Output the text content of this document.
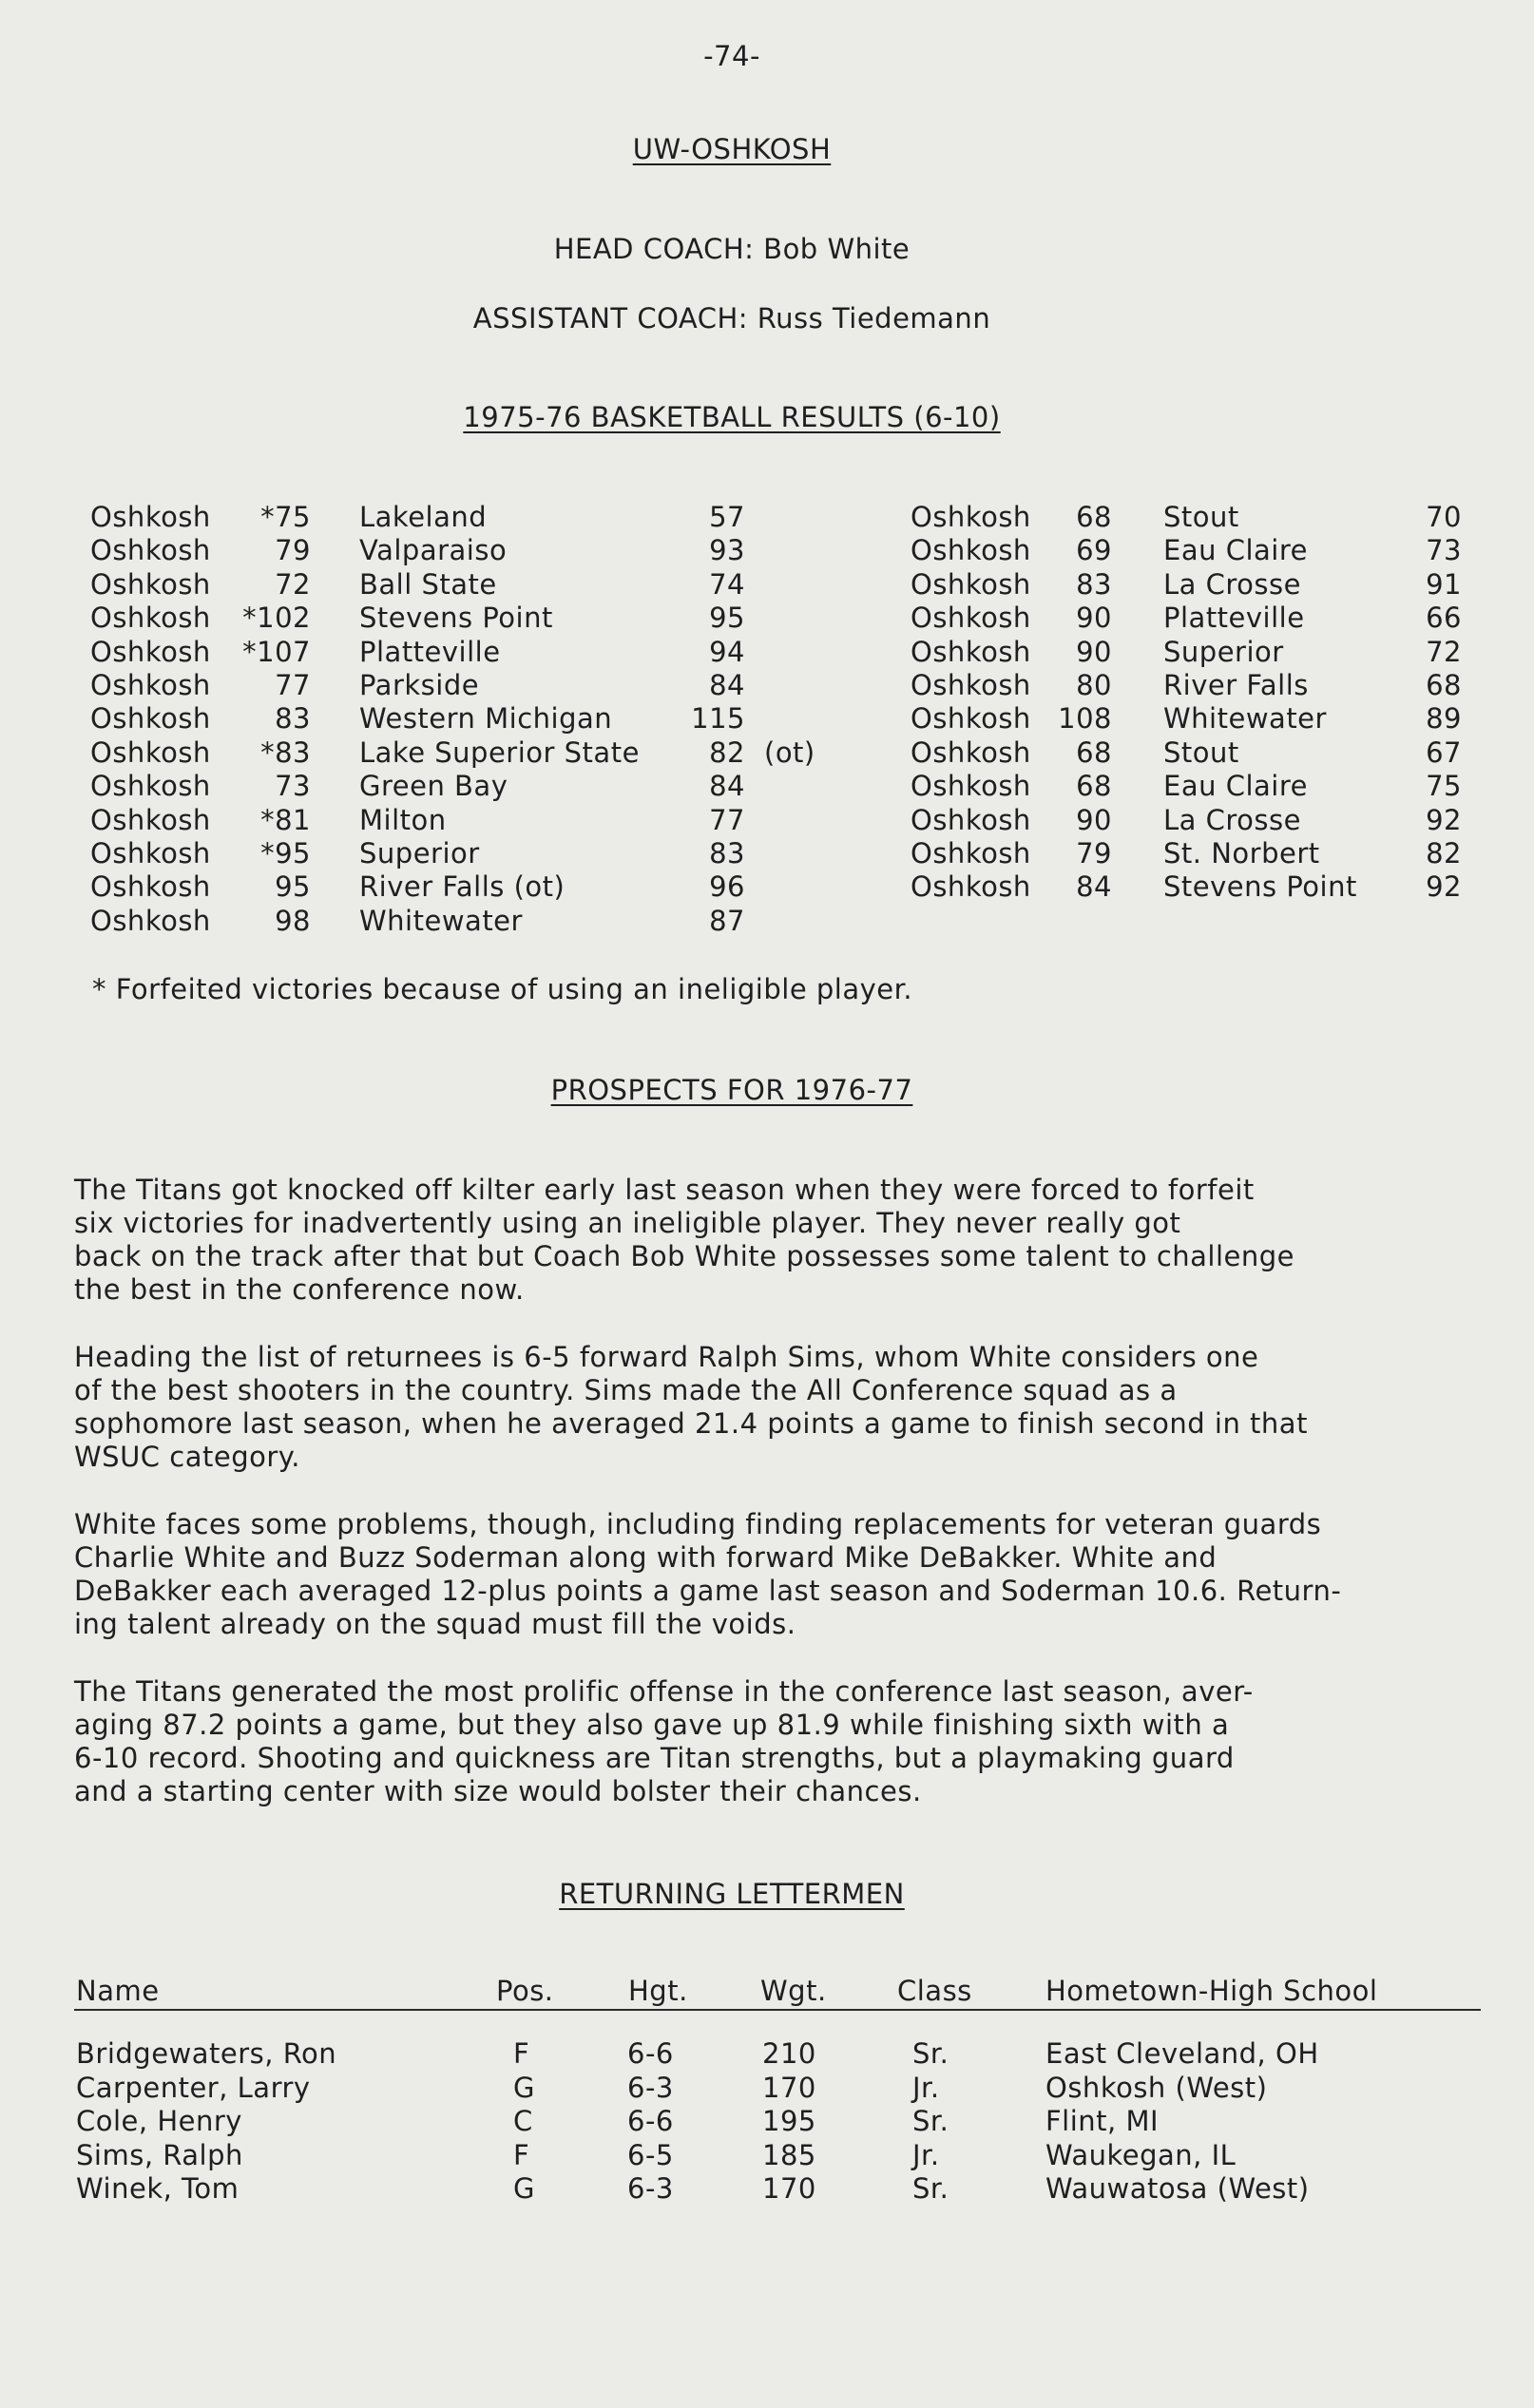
-74-
UW-OSHKOSH
HEAD COACH: Bob White
ASSISTANT COACH: Russ Tiedemann
1975-76 BASKETBALL RESULTS (6-10)
Oshkosh	*75 Lakeland	57	Oshkosh	68 Stout	70
Oshkosh	79 Valparaiso	93	Oshkosh	69 Eau Claire	73
Oshkosh	72 Ball State	74	Oshkosh	83 La Crosse	91
Oshkosh	*102 Stevens Point	95	Oshkosh	90 Platteville	66
Oshkosh	*107 Platteville	94	Oshkosh	90 Superior	72
Oshkosh	77 Parkside	84	Oshkosh	80 River Falls	68
Oshkosh	83 Western Michigan	115	Oshkosh 108 Whitewater	89
Oshkosh	*83 Lake Superior State	82 (ot)	Oshkosh	68 Stout	67
Oshkosh	73 Green Bay	84	Oshkosh	68 Eau Claire	75
Oshkosh	*81 Milton	77	Oshkosh	90 La Crosse	92
Oshkosh	*95 Superior	83	Oshkosh	79 St. Norbert	82
Oshkosh	95 River Falls (ot)	96	Oshkosh	84 Stevens Point	92
Oshkosh	98 Whitewater	87
* Forfeited victories because of using an ineligible player.
PROSPECTS FOR 1976-77
The Titans got knocked off kilter early last season when they were forced to forfeit
six victories for inadvertently using an ineligible player. They never really got
back on the track after that but Coach Bob White possesses some talent to challenge
the best in the conference now.
Heading the list of returnees is 6-5 forward Ralph Sims, whom White considers one
of the best shooters in the country. Sims made the All Conference squad as a
sophomore last season, when he averaged 21.4 points a game to finish second in that
WSUC category.
White faces some problems, though, including finding replacements for veteran guards
Charlie White and Buzz Soderman along with forward Mike DeBakker. White and
DeBakker each averaged 12-plus points a game last season and Soderman 10.6. Return-
ing talent already on the squad must fill the voids.
The Titans generated the most prolific offense in the conference last season, aver-
aging 87.2 points a game, but they also gave up 81.9 while finishing sixth with a
6-10 record. Shooting and quickness are Titan strengths, but a playmaking guard
and a starting center with size would bolster their chances.
RETURNING LETTERMEN
Name	Pos.	Hgt.	Wgt.	Class	Hometown-High School
Bridgewaters, Ron	F	6-6	210	Sr.	East Cleveland, OH
Carpenter, Larry	G	6-3	170	Jr.	Oshkosh (West)
Cole, Henry	C	6-6	195	Sr.	Flint, MI
Sims, Ralph	F	6-5	185	Jr.	Waukegan, IL
Winek, Tom	G	6-3	170	Sr.	Wauwatosa (West)
